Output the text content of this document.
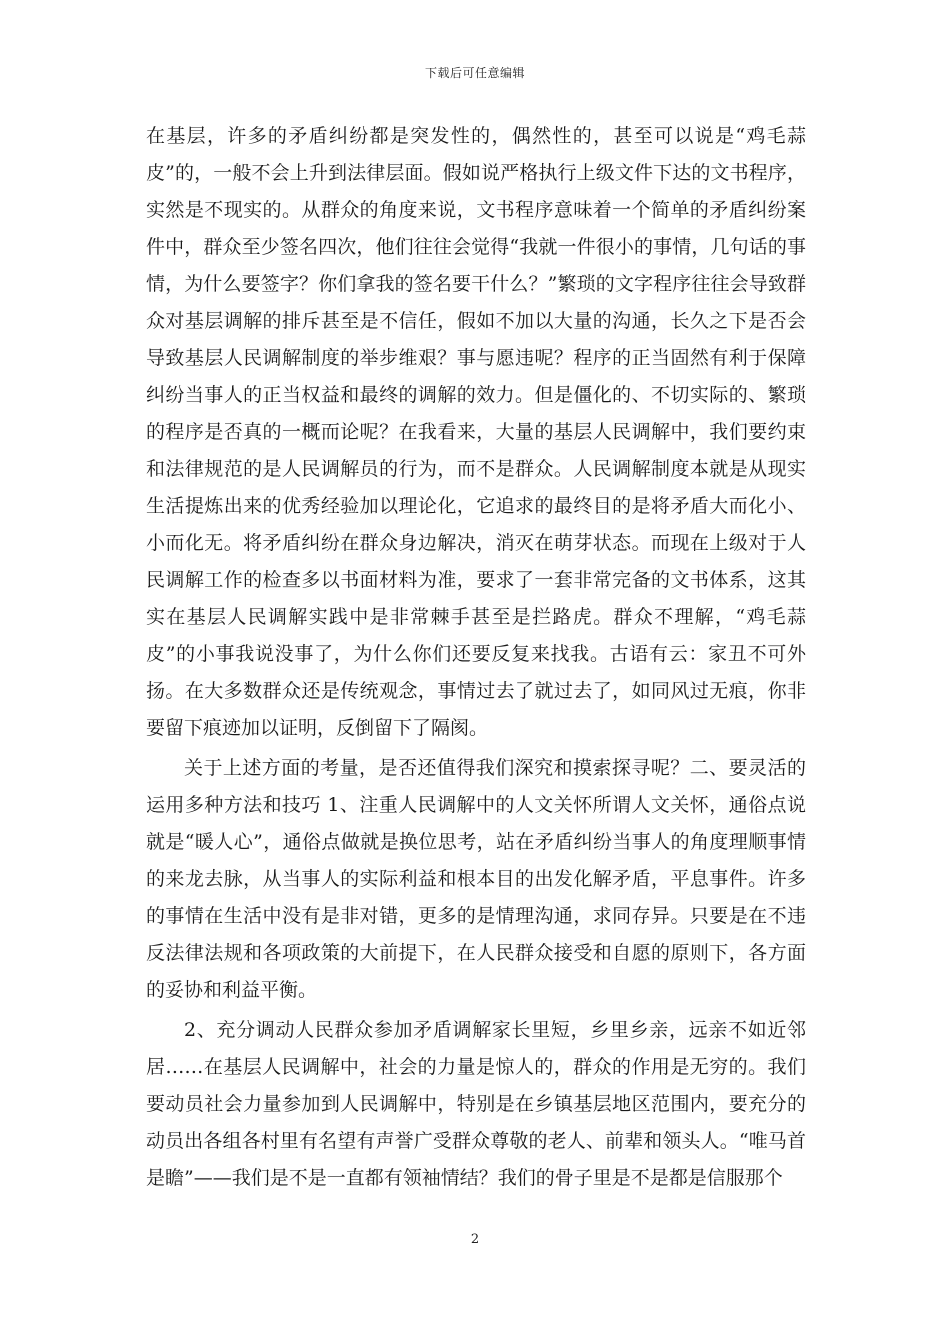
下载后可任意编辑

在基层，许多的矛盾纠纷都是突发性的，偶然性的，甚至可以说是“鸡毛蒜皮”的，一般不会上升到法律层面。假如说严格执行上级文件下达的文书程序，实然是不现实的。从群众的角度来说，文书程序意味着一个简单的矛盾纠纷案件中，群众至少签名四次，他们往往会觉得“我就一件很小的事情，几句话的事情，为什么要签字？你们拿我的签名要干什么？”繁琐的文字程序往往会导致群众对基层调解的排斥甚至是不信任，假如不加以大量的沟通，长久之下是否会导致基层人民调解制度的举步维艰？事与愿违呢？程序的正当固然有利于保障纠纷当事人的正当权益和最终的调解的效力。但是僵化的、不切实际的、繁琐的程序是否真的一概而论呢？在我看来，大量的基层人民调解中，我们要约束和法律规范的是人民调解员的行为，而不是群众。人民调解制度本就是从现实生活提炼出来的优秀经验加以理论化，它追求的最终目的是将矛盾大而化小、小而化无。将矛盾纠纷在群众身边解决，消灭在萌芽状态。而现在上级对于人民调解工作的检查多以书面材料为准，要求了一套非常完备的文书体系，这其实在基层人民调解实践中是非常棘手甚至是拦路虎。群众不理解，“鸡毛蒜皮”的小事我说没事了，为什么你们还要反复来找我。古语有云：家丑不可外扬。在大多数群众还是传统观念，事情过去了就过去了，如同风过无痕，你非要留下痕迹加以证明，反倒留下了隔阂。

关于上述方面的考量，是否还值得我们深究和摸索探寻呢？二、要灵活的运用多种方法和技巧 1、注重人民调解中的人文关怀所谓人文关怀，通俗点说就是“暖人心”，通俗点做就是换位思考，站在矛盾纠纷当事人的角度理顺事情的来龙去脉，从当事人的实际利益和根本目的出发化解矛盾，平息事件。许多的事情在生活中没有是非对错，更多的是情理沟通，求同存异。只要是在不违反法律法规和各项政策的大前提下，在人民群众接受和自愿的原则下，各方面的妥协和利益平衡。

2、充分调动人民群众参加矛盾调解家长里短，乡里乡亲，远亲不如近邻居……在基层人民调解中，社会的力量是惊人的，群众的作用是无穷的。我们要动员社会力量参加到人民调解中，特别是在乡镇基层地区范围内，要充分的动员出各组各村里有名望有声誉广受群众尊敬的老人、前辈和领头人。“唯马首是瞻”——我们是不是一直都有领袖情结？我们的骨子里是不是都是信服那个

2
